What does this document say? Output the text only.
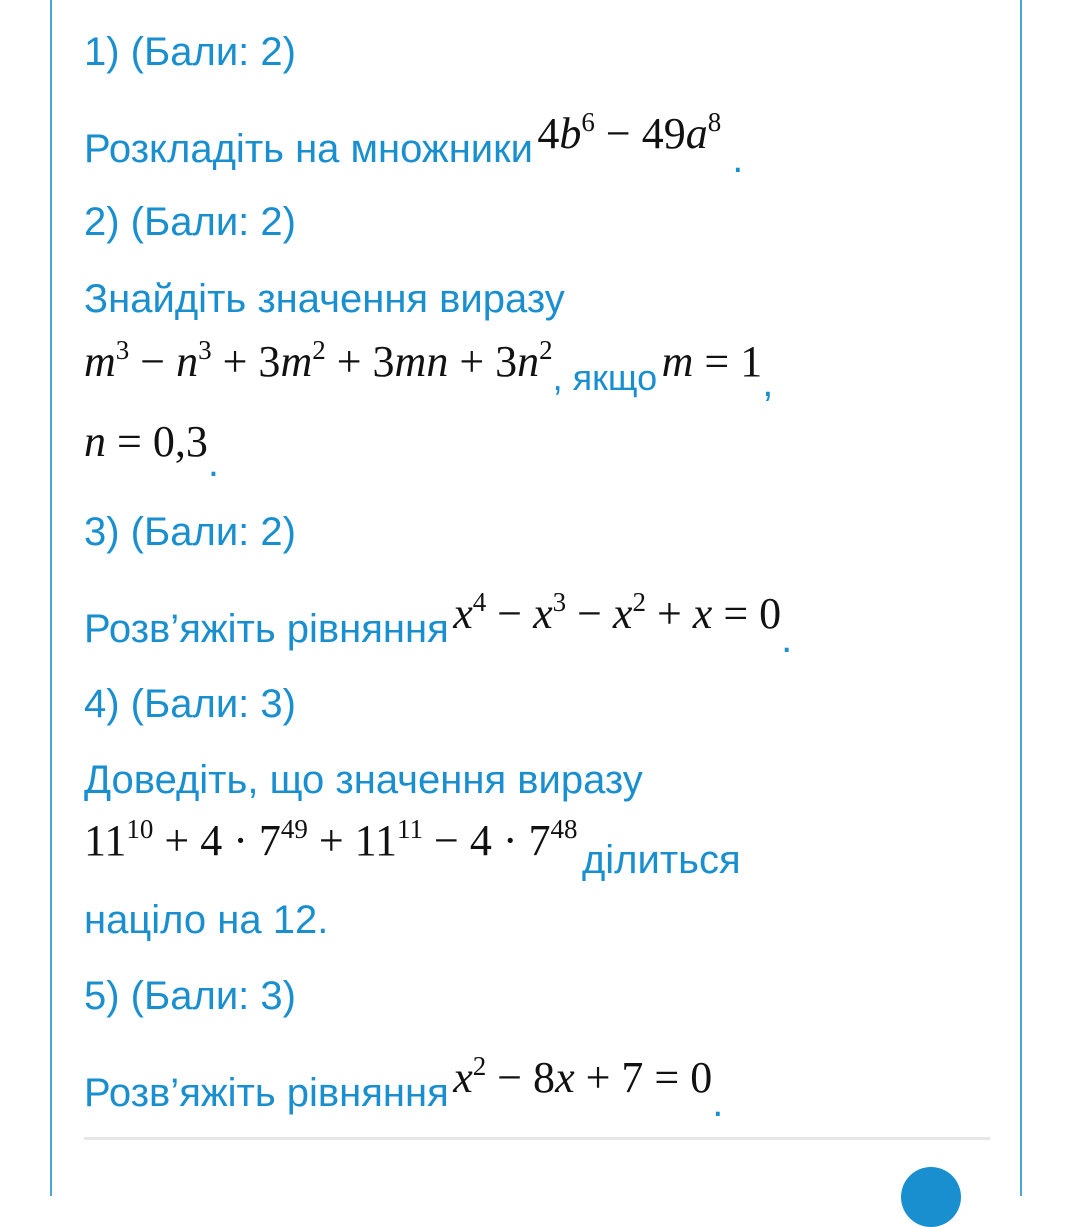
1) (Бали: 2)
Розкладіть на множники $4b^6 - 49a^8$ .
2) (Бали: 2)
Знайдіть значення виразу
$m^3 - n^3 + 3m^2 + 3mn + 3n^2$, якщо m = 1,
n = 0,3.
3) (Бали: 2)
Розв’яжіть рівняння $x^4 - x^3 - x^2 + x = 0$.
4) (Бали: 3)
Доведіть, що значення виразу
$11^{10} + 4 \cdot 7^{49} + 11^{11} - 4 \cdot 7^{48}$ ділиться
націло на 12.
5) (Бали: 3)
Розв’яжіть рівняння $x^2 - 8x + 7 = 0$.
